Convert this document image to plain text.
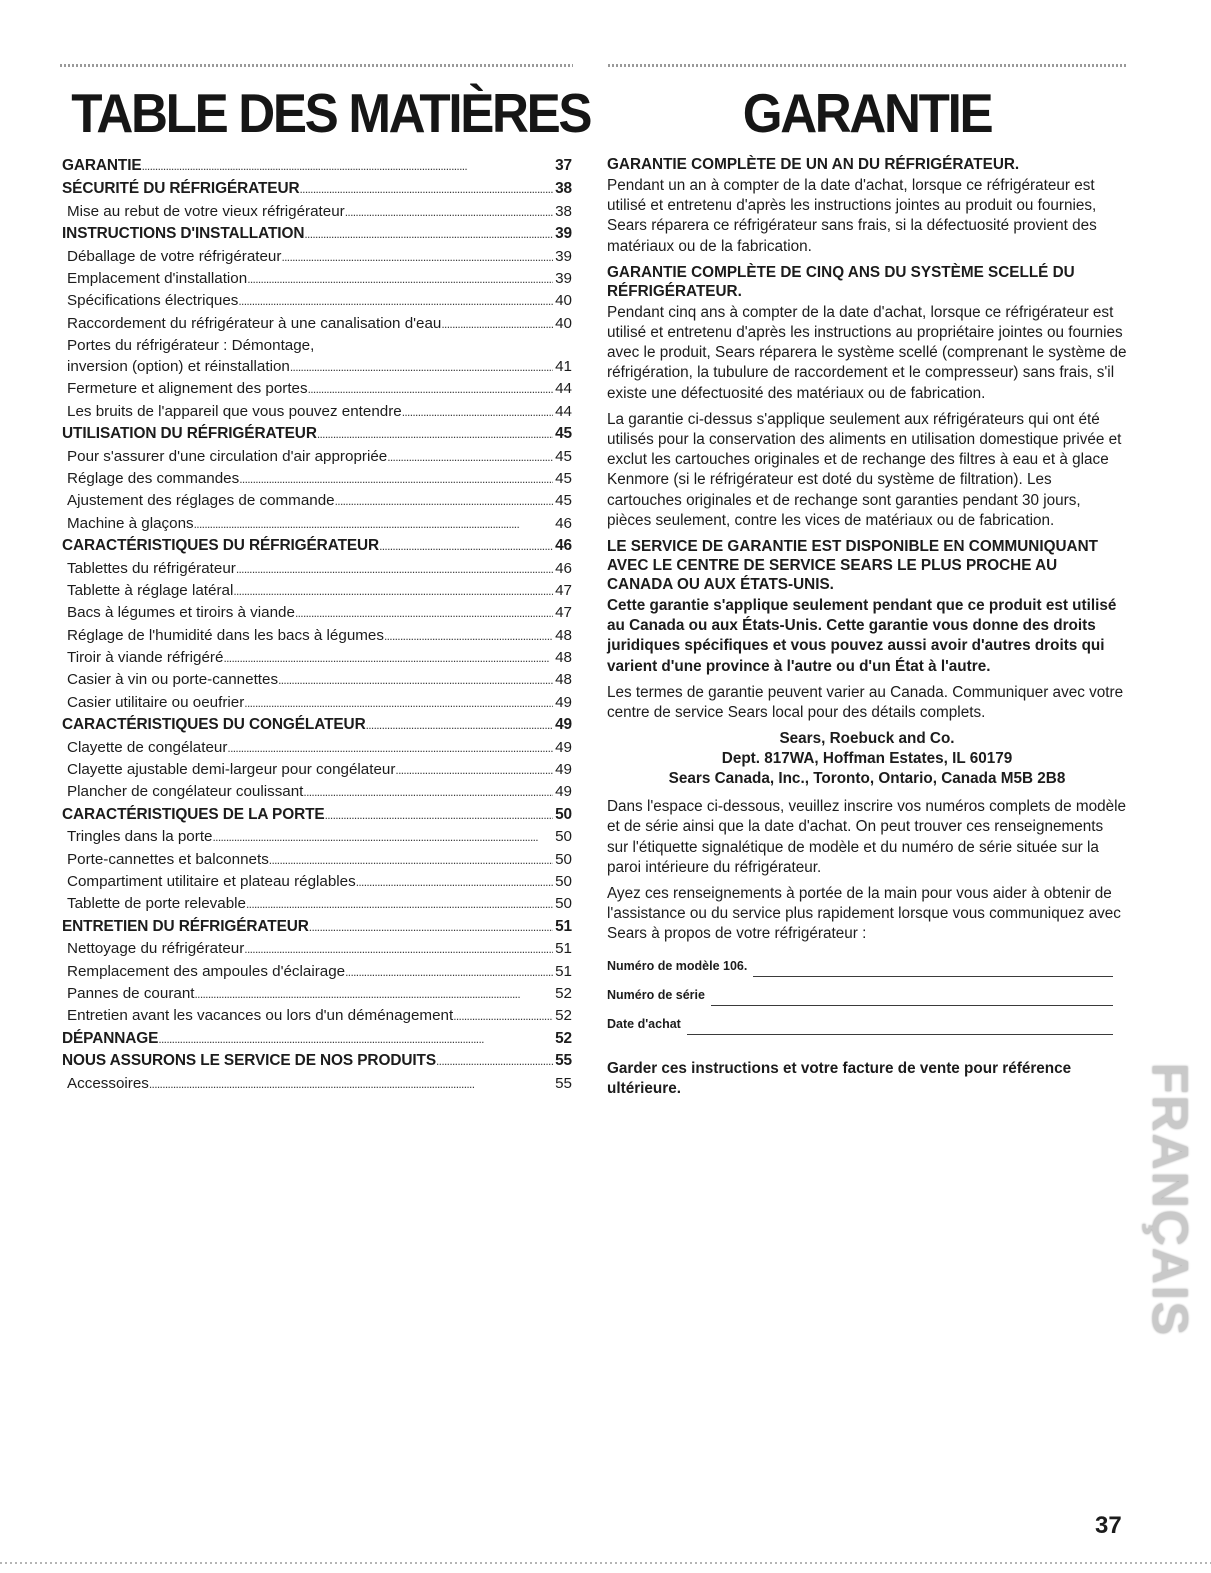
TABLE DES MATIÈRES
GARANTIE . . .	37
SÉCURITÉ DU RÉFRIGÉRATEUR . . .	38
Mise au rebut de votre vieux réfrigérateur . . .	38
INSTRUCTIONS D'INSTALLATION . . .	39
Déballage de votre réfrigérateur . . .	39
Emplacement d'installation . . .	39
Spécifications électriques . . .	40
Raccordement du réfrigérateur à une canalisation d'eau . . .	40
Portes du réfrigérateur : Démontage,
inversion (option) et réinstallation . . .	41
Fermeture et alignement des portes . . .	44
Les bruits de l'appareil que vous pouvez entendre . . .	44
UTILISATION DU RÉFRIGÉRATEUR . . .	45
Pour s'assurer d'une circulation d'air appropriée . . .	45
Réglage des commandes . . .	45
Ajustement des réglages de commande . . .	45
Machine à glaçons . . .	46
CARACTÉRISTIQUES DU RÉFRIGÉRATEUR . . .	46
Tablettes du réfrigérateur . . .	46
Tablette à réglage latéral . . .	47
Bacs à légumes et tiroirs à viande . . .	47
Réglage de l'humidité dans les bacs à légumes . . .	48
Tiroir à viande réfrigéré . . .	48
Casier à vin ou porte-cannettes . . .	48
Casier utilitaire ou oeufrier . . .	49
CARACTÉRISTIQUES DU CONGÉLATEUR . . .	49
Clayette de congélateur . . .	49
Clayette ajustable demi-largeur pour congélateur . . .	49
Plancher de congélateur coulissant . . .	49
CARACTÉRISTIQUES DE LA PORTE . . .	50
Tringles dans la porte . . .	50
Porte-cannettes et balconnets . . .	50
Compartiment utilitaire et plateau réglables . . .	50
Tablette de porte relevable . . .	50
ENTRETIEN DU RÉFRIGÉRATEUR . . .	51
Nettoyage du réfrigérateur . . .	51
Remplacement des ampoules d'éclairage . . .	51
Pannes de courant . . .	52
Entretien avant les vacances ou lors d'un déménagement . . .	52
DÉPANNAGE . . .	52
NOUS ASSURONS LE SERVICE DE NOS PRODUITS . . .	55
Accessoires . . .	55
GARANTIE
GARANTIE COMPLÈTE DE UN AN DU RÉFRIGÉRATEUR.

Pendant un an à compter de la date d'achat, lorsque ce réfrigérateur est utilisé et entretenu d'après les instructions jointes au produit ou fournies, Sears réparera ce réfrigérateur sans frais, si la défectuosité provient des matériaux ou de la fabrication.

GARANTIE COMPLÈTE DE CINQ ANS DU SYSTÈME SCELLÉ DU RÉFRIGÉRATEUR.

Pendant cinq ans à compter de la date d'achat, lorsque ce réfrigérateur est utilisé et entretenu d'après les instructions au propriétaire jointes ou fournies avec le produit, Sears réparera le système scellé (comprenant le système de réfrigération, la tubulure de raccordement et le compresseur) sans frais, s'il existe une défectuosité des matériaux ou de fabrication.

La garantie ci-dessus s'applique seulement aux réfrigérateurs qui ont été utilisés pour la conservation des aliments en utilisation domestique privée et exclut les cartouches originales et de rechange des filtres à eau et à glace Kenmore (si le réfrigérateur est doté du système de filtration). Les cartouches originales et de rechange sont garanties pendant 30 jours, pièces seulement, contre les vices de matériaux ou de fabrication.

LE SERVICE DE GARANTIE EST DISPONIBLE EN COMMUNIQUANT AVEC LE CENTRE DE SERVICE SEARS LE PLUS PROCHE AU CANADA OU AUX ÉTATS-UNIS.

Cette garantie s'applique seulement pendant que ce produit est utilisé au Canada ou aux États-Unis. Cette garantie vous donne des droits juridiques spécifiques et vous pouvez aussi avoir d'autres droits qui varient d'une province à l'autre ou d'un État à l'autre.

Les termes de garantie peuvent varier au Canada. Communiquer avec votre centre de service Sears local pour des détails complets.

Sears, Roebuck and Co.
Dept. 817WA, Hoffman Estates, IL 60179
Sears Canada, Inc., Toronto, Ontario, Canada M5B 2B8

Dans l'espace ci-dessous, veuillez inscrire vos numéros complets de modèle et de série ainsi que la date d'achat. On peut trouver ces renseignements sur l'étiquette signalétique de modèle et du numéro de série située sur la paroi intérieure du réfrigérateur.

Ayez ces renseignements à portée de la main pour vous aider à obtenir de l'assistance ou du service plus rapidement lorsque vous communiquez avec Sears à propos de votre réfrigérateur :

Numéro de modèle 106.
Numéro de série
Date d'achat
Garder ces instructions et votre facture de vente pour référence ultérieure.	FRANÇAIS
37
